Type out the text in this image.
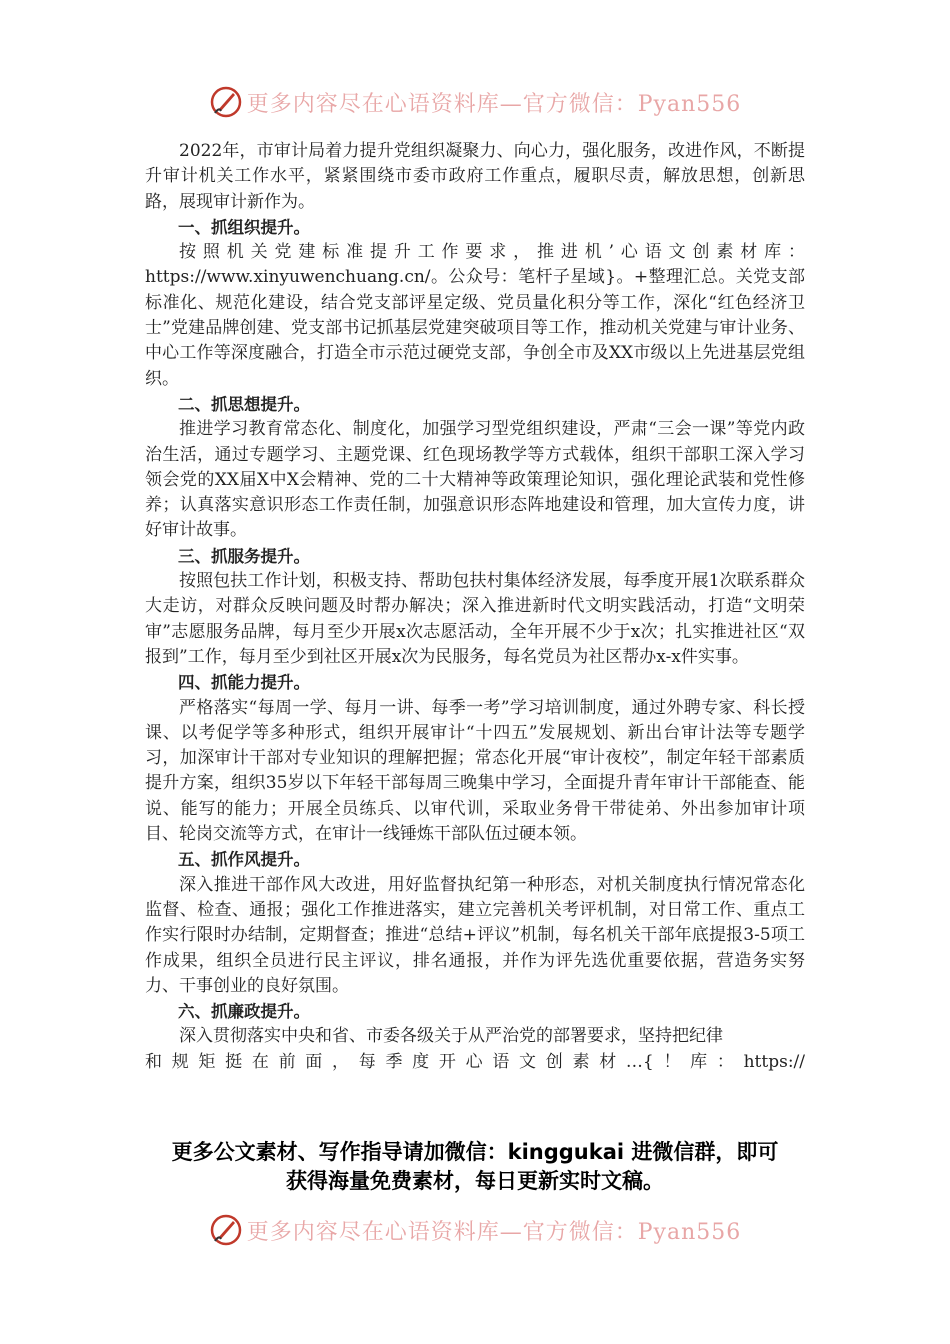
更多内容尽在心语资料库—官方微信：Pyan556

2022年，市审计局着力提升党组织凝聚力、向心力，强化服务，改进作风，不断提升审计机关工作水平，紧紧围绕市委市政府工作重点，履职尽责，解放思想，创新思路，展现审计新作为。

一、抓组织提升。

按照机关党建标准提升工作要求，推进机’心语文创素材库：https://www.xinyuwenchuang.cn/。公众号：笔杆子星域}。+整理汇总。关党支部标准化、规范化建设，结合党支部评星定级、党员量化积分等工作，深化“红色经济卫士”党建品牌创建、党支部书记抓基层党建突破项目等工作，推动机关党建与审计业务、中心工作等深度融合，打造全市示范过硬党支部，争创全市及XX市级以上先进基层党组织。

二、抓思想提升。

推进学习教育常态化、制度化，加强学习型党组织建设，严肃“三会一课”等党内政治生活，通过专题学习、主题党课、红色现场教学等方式载体，组织干部职工深入学习领会党的XX届X中X会精神、党的二十大精神等政策理论知识，强化理论武装和党性修养；认真落实意识形态工作责任制，加强意识形态阵地建设和管理，加大宣传力度，讲好审计故事。

三、抓服务提升。

按照包扶工作计划，积极支持、帮助包扶村集体经济发展，每季度开展1次联系群众大走访，对群众反映问题及时帮办解决；深入推进新时代文明实践活动，打造“文明荣审”志愿服务品牌，每月至少开展x次志愿活动，全年开展不少于x次；扎实推进社区“双报到”工作，每月至少到社区开展x次为民服务，每名党员为社区帮办x-x件实事。

四、抓能力提升。

严格落实“每周一学、每月一讲、每季一考”学习培训制度，通过外聘专家、科长授课、以考促学等多种形式，组织开展审计“十四五”发展规划、新出台审计法等专题学习，加深审计干部对专业知识的理解把握；常态化开展“审计夜校”，制定年轻干部素质提升方案，组织35岁以下年轻干部每周三晚集中学习，全面提升青年审计干部能查、能说、能写的能力；开展全员练兵、以审代训，采取业务骨干带徒弟、外出参加审计项目、轮岗交流等方式，在审计一线锤炼干部队伍过硬本领。

五、抓作风提升。

深入推进干部作风大改进，用好监督执纪第一种形态，对机关制度执行情况常态化监督、检查、通报；强化工作推进落实，建立完善机关考评机制，对日常工作、重点工作实行限时办结制，定期督查；推进“总结+评议”机制，每名机关干部年底提报3-5项工作成果，组织全员进行民主评议，排名通报，并作为评先选优重要依据，营造务实努力、干事创业的良好氛围。

六、抓廉政提升。

深入贯彻落实中央和省、市委各级关于从严治党的部署要求，坚持把纪律

和规矩挺在前面，每季度开心语文创素材…{！库：https://

更多公文素材、写作指导请加微信：kinggukai 进微信群，即可
获得海量免费素材，每日更新实时文稿。
更多内容尽在心语资料库—官方微信：Pyan556
